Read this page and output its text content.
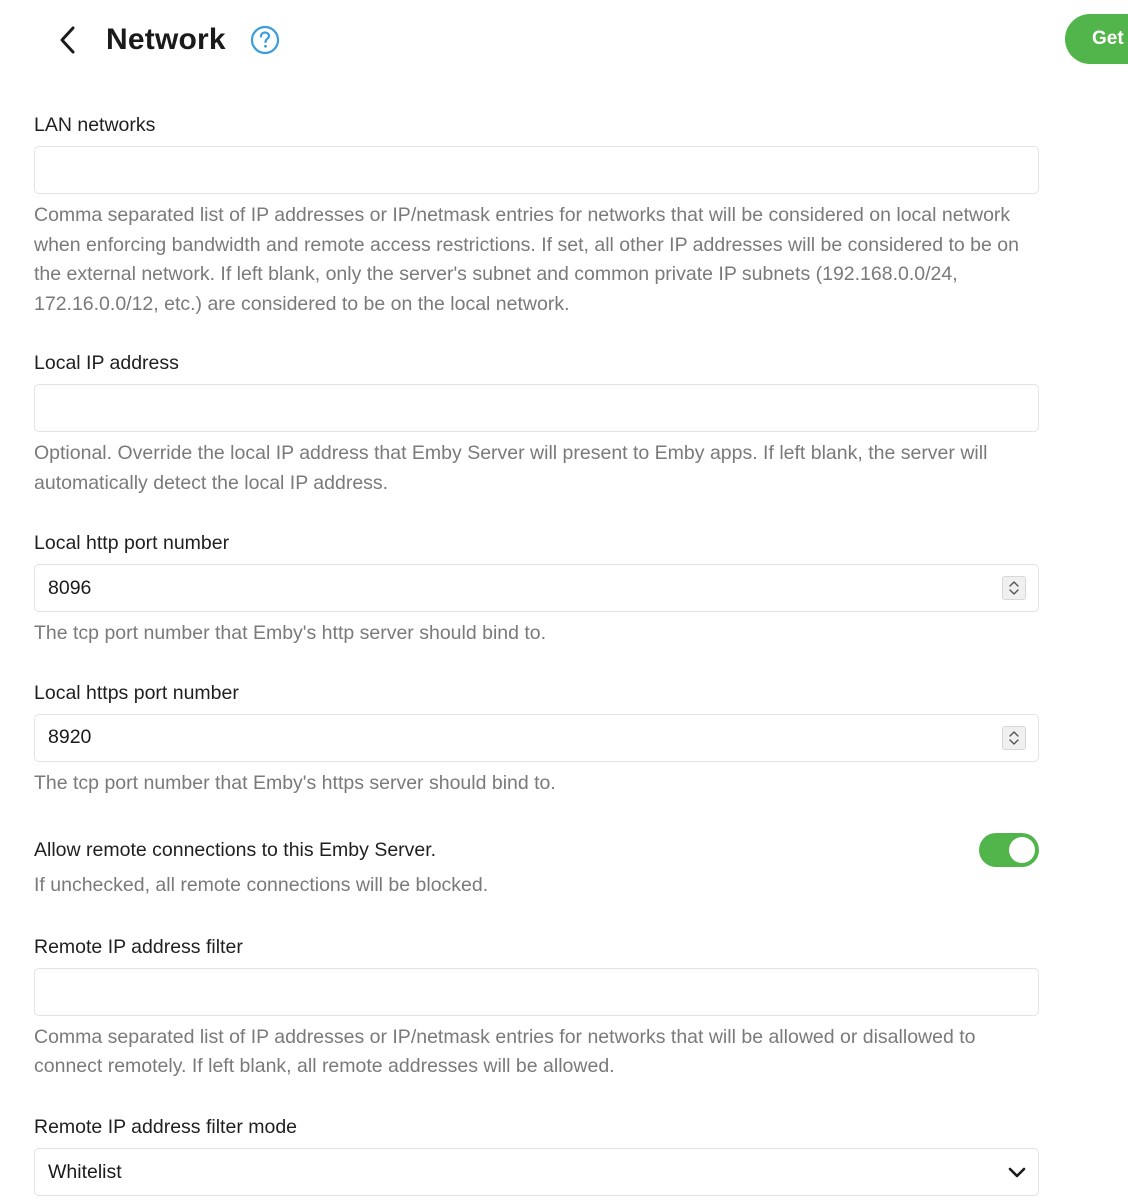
Network	Get
LAN networks
Comma separated list of IP addresses or IP/netmask entries for networks that will be considered on local network when enforcing bandwidth and remote access restrictions. If set, all other IP addresses will be considered to be on the external network. If left blank, only the server's subnet and common private IP subnets (192.168.0.0/24, 172.16.0.0/12, etc.) are considered to be on the local network.
Local IP address
Optional. Override the local IP address that Emby Server will present to Emby apps. If left blank, the server will automatically detect the local IP address.
Local http port number
8096
The tcp port number that Emby's http server should bind to.
Local https port number
8920
The tcp port number that Emby's https server should bind to.
Allow remote connections to this Emby Server.
If unchecked, all remote connections will be blocked.
Remote IP address filter
Comma separated list of IP addresses or IP/netmask entries for networks that will be allowed or disallowed to connect remotely. If left blank, all remote addresses will be allowed.
Remote IP address filter mode
Whitelist
